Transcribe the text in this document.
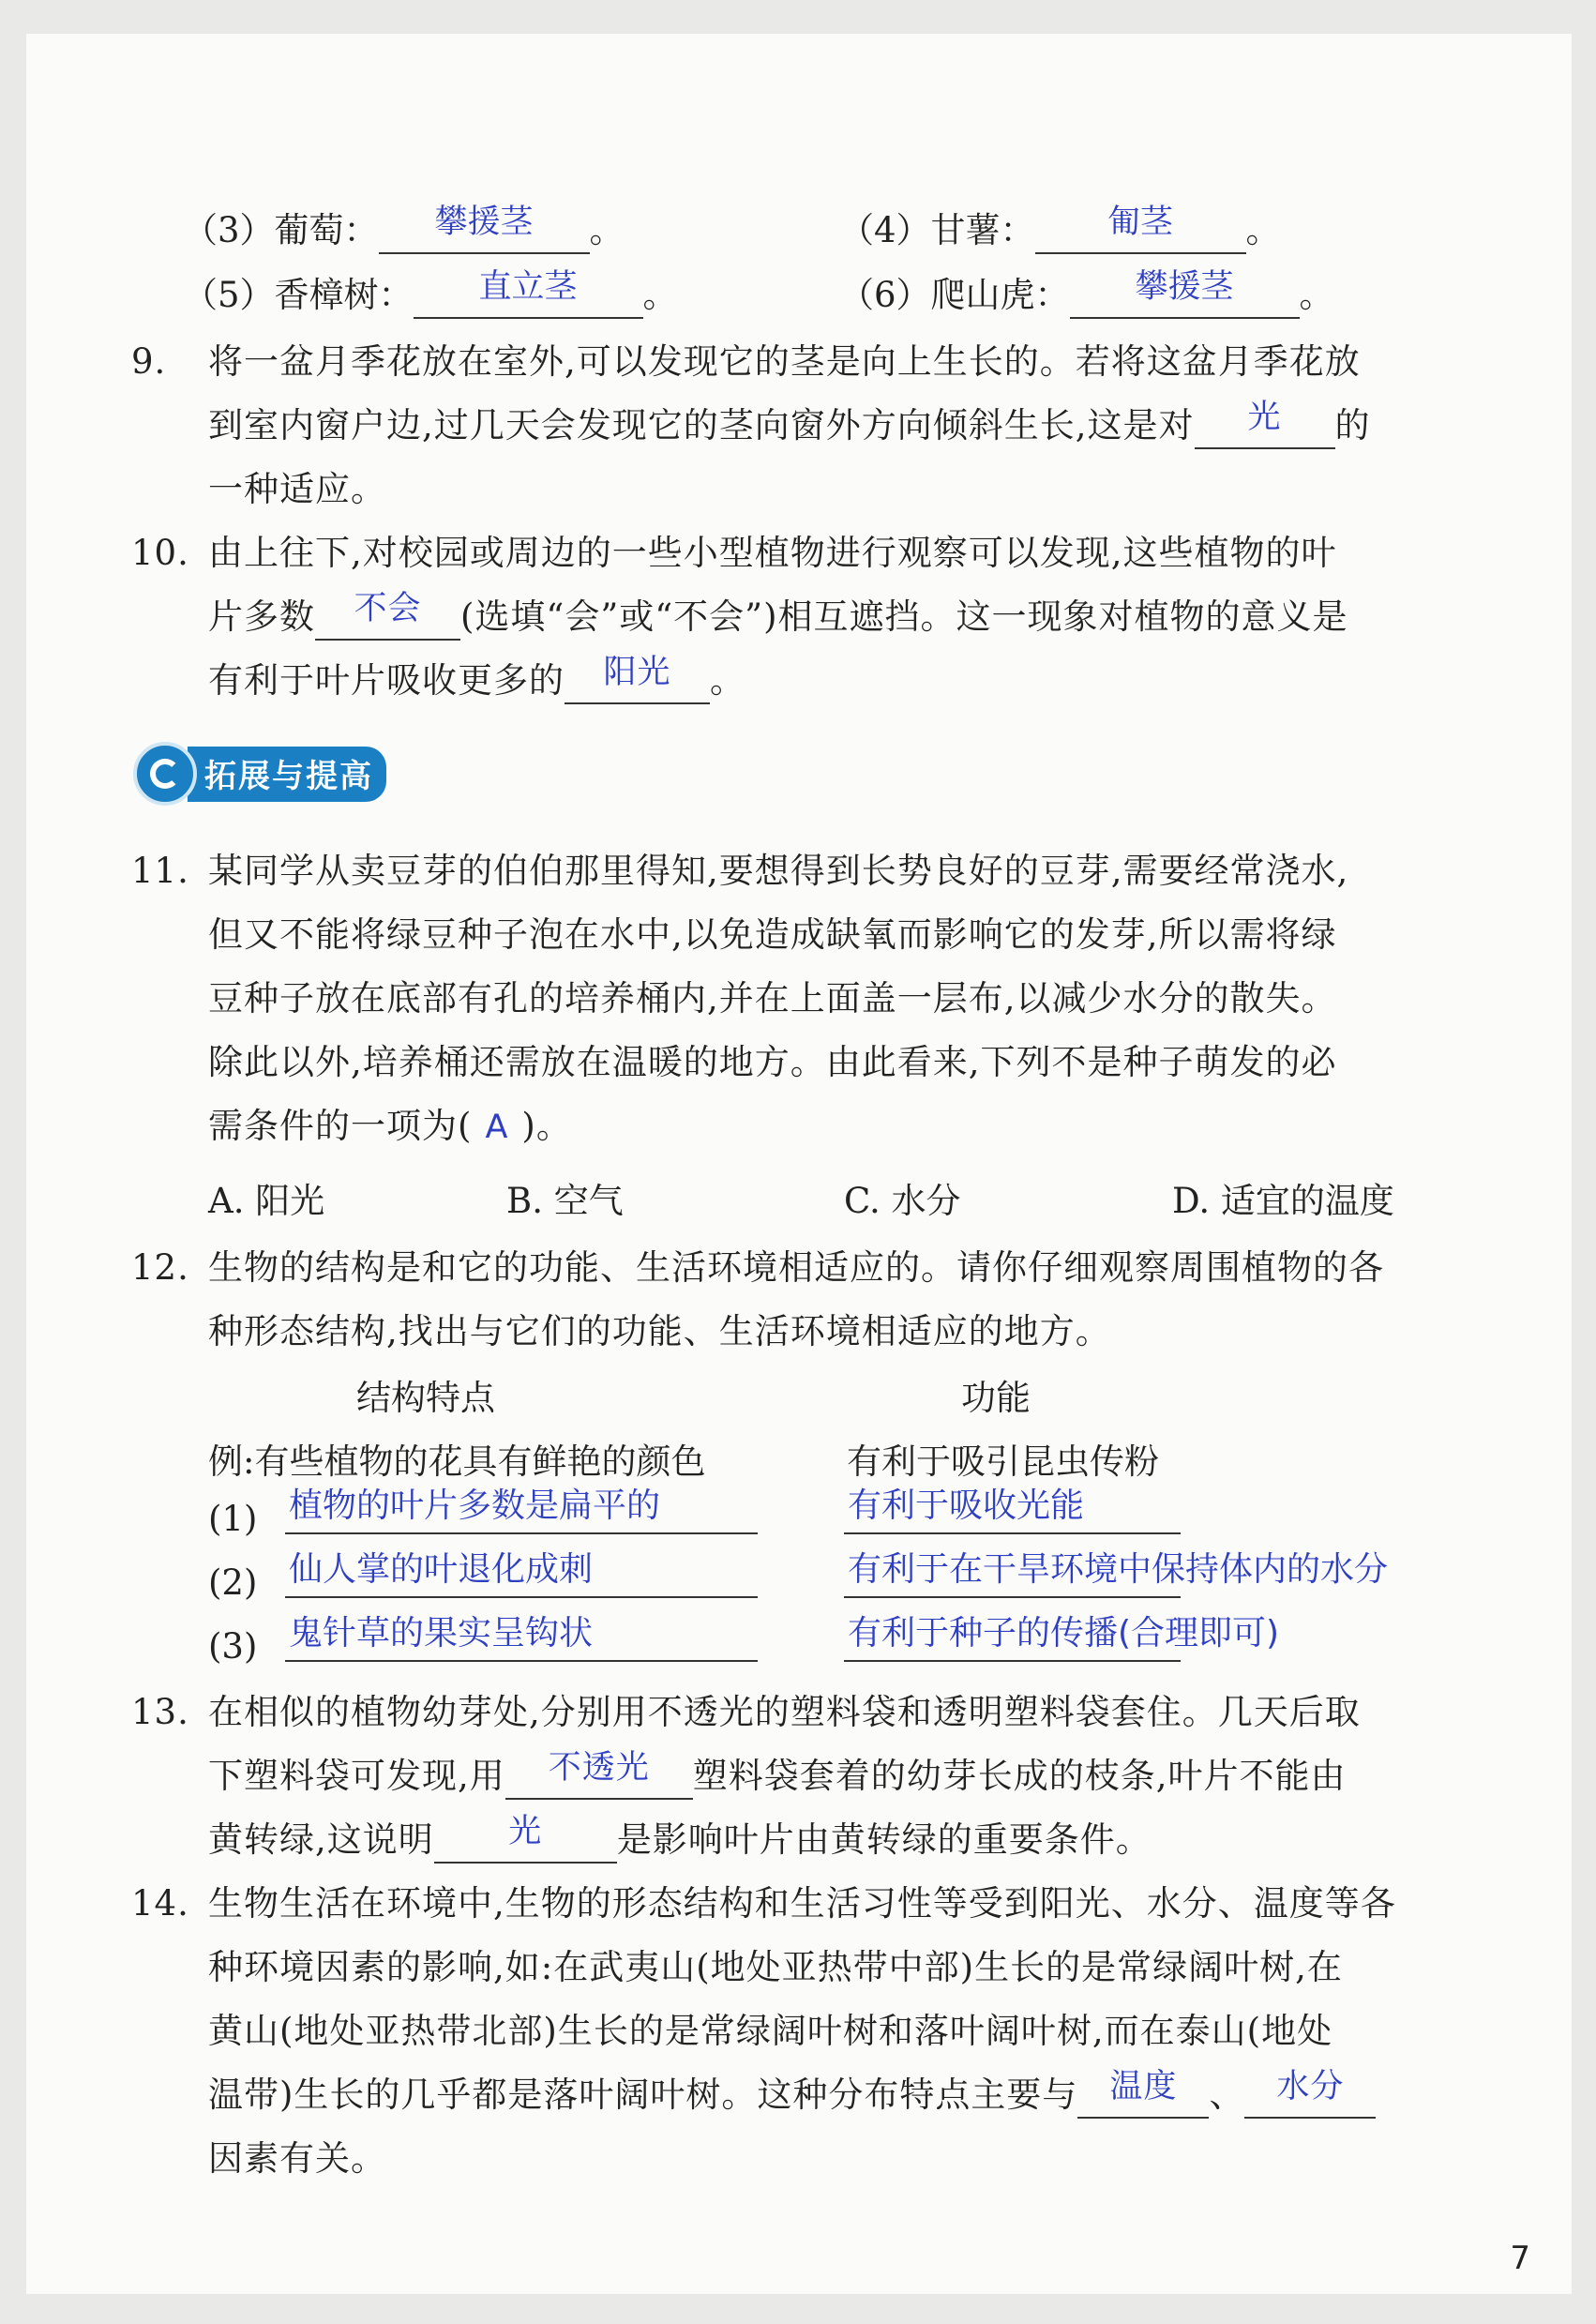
（3）葡萄： 攀援茎 。	（4）甘薯： 匍茎 。
（5）香樟树： 直立茎 。	（6）爬山虎： 攀援茎 。
9. 将一盆月季花放在室外,可以发现它的茎是向上生长的。若将这盆月季花放
到室内窗户边,过几天会发现它的茎向窗外方向倾斜生长,这是对 光 的
一种适应。
10. 由上往下,对校园或周边的一些小型植物进行观察可以发现,这些植物的叶
片多数 不会 (选填“会”或“不会”)相互遮挡。这一现象对植物的意义是
有利于叶片吸收更多的 阳光 。
拓展与提高
11. 某同学从卖豆芽的伯伯那里得知,要想得到长势良好的豆芽,需要经常浇水,
但又不能将绿豆种子泡在水中,以免造成缺氧而影响它的发芽,所以需将绿
豆种子放在底部有孔的培养桶内,并在上面盖一层布,以减少水分的散失。
除此以外,培养桶还需放在温暖的地方。由此看来,下列不是种子萌发的必
需条件的一项为( A )。
A. 阳光	B. 空气	C. 水分	D. 适宜的温度
12. 生物的结构是和它的功能、生活环境相适应的。请你仔细观察周围植物的各
种形态结构,找出与它们的功能、生活环境相适应的地方。
结构特点	功能
例:有些植物的花具有鲜艳的颜色	有利于吸引昆虫传粉
(1) 植物的叶片多数是扁平的	有利于吸收光能
(2) 仙人掌的叶退化成刺	有利于在干旱环境中保持体内的水分
(3) 鬼针草的果实呈钩状	有利于种子的传播(合理即可)
13. 在相似的植物幼芽处,分别用不透光的塑料袋和透明塑料袋套住。几天后取
下塑料袋可发现,用 不透光 塑料袋套着的幼芽长成的枝条,叶片不能由
黄转绿,这说明 光 是影响叶片由黄转绿的重要条件。
14. 生物生活在环境中,生物的形态结构和生活习性等受到阳光、水分、温度等各
种环境因素的影响,如:在武夷山(地处亚热带中部)生长的是常绿阔叶树,在
黄山(地处亚热带北部)生长的是常绿阔叶树和落叶阔叶树,而在泰山(地处
温带)生长的几乎都是落叶阔叶树。这种分布特点主要与 温度 、 水分
因素有关。
7
